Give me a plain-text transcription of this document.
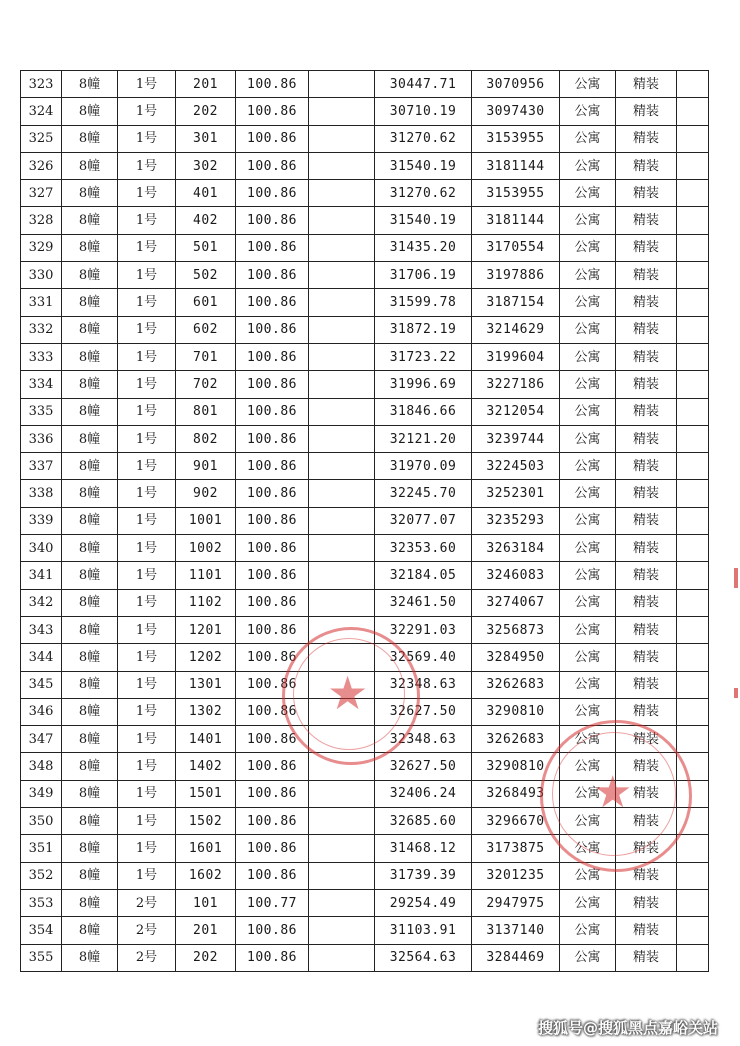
323	8幢	1号	201	100.86		30447.71	3070956	公寓	精装	
324	8幢	1号	202	100.86		30710.19	3097430	公寓	精装	
325	8幢	1号	301	100.86		31270.62	3153955	公寓	精装	
326	8幢	1号	302	100.86		31540.19	3181144	公寓	精装	
327	8幢	1号	401	100.86		31270.62	3153955	公寓	精装	
328	8幢	1号	402	100.86		31540.19	3181144	公寓	精装	
329	8幢	1号	501	100.86		31435.20	3170554	公寓	精装	
330	8幢	1号	502	100.86		31706.19	3197886	公寓	精装	
331	8幢	1号	601	100.86		31599.78	3187154	公寓	精装	
332	8幢	1号	602	100.86		31872.19	3214629	公寓	精装	
333	8幢	1号	701	100.86		31723.22	3199604	公寓	精装	
334	8幢	1号	702	100.86		31996.69	3227186	公寓	精装	
335	8幢	1号	801	100.86		31846.66	3212054	公寓	精装	
336	8幢	1号	802	100.86		32121.20	3239744	公寓	精装	
337	8幢	1号	901	100.86		31970.09	3224503	公寓	精装	
338	8幢	1号	902	100.86		32245.70	3252301	公寓	精装	
339	8幢	1号	1001	100.86		32077.07	3235293	公寓	精装	
340	8幢	1号	1002	100.86		32353.60	3263184	公寓	精装	
341	8幢	1号	1101	100.86		32184.05	3246083	公寓	精装	
342	8幢	1号	1102	100.86		32461.50	3274067	公寓	精装	
343	8幢	1号	1201	100.86		32291.03	3256873	公寓	精装	
344	8幢	1号	1202	100.86		32569.40	3284950	公寓	精装	
345	8幢	1号	1301	100.86		32348.63	3262683	公寓	精装	
346	8幢	1号	1302	100.86		32627.50	3290810	公寓	精装	
347	8幢	1号	1401	100.86		32348.63	3262683	公寓	精装	
348	8幢	1号	1402	100.86		32627.50	3290810	公寓	精装	
349	8幢	1号	1501	100.86		32406.24	3268493	公寓	精装	
350	8幢	1号	1502	100.86		32685.60	3296670	公寓	精装	
351	8幢	1号	1601	100.86		31468.12	3173875	公寓	精装	
352	8幢	1号	1602	100.86		31739.39	3201235	公寓	精装	
353	8幢	2号	101	100.77		29254.49	2947975	公寓	精装	
354	8幢	2号	201	100.86		31103.91	3137140	公寓	精装	
355	8幢	2号	202	100.86		32564.63	3284469	公寓	精装	
★
★
搜狐号@搜狐黑点嘉峪关站
